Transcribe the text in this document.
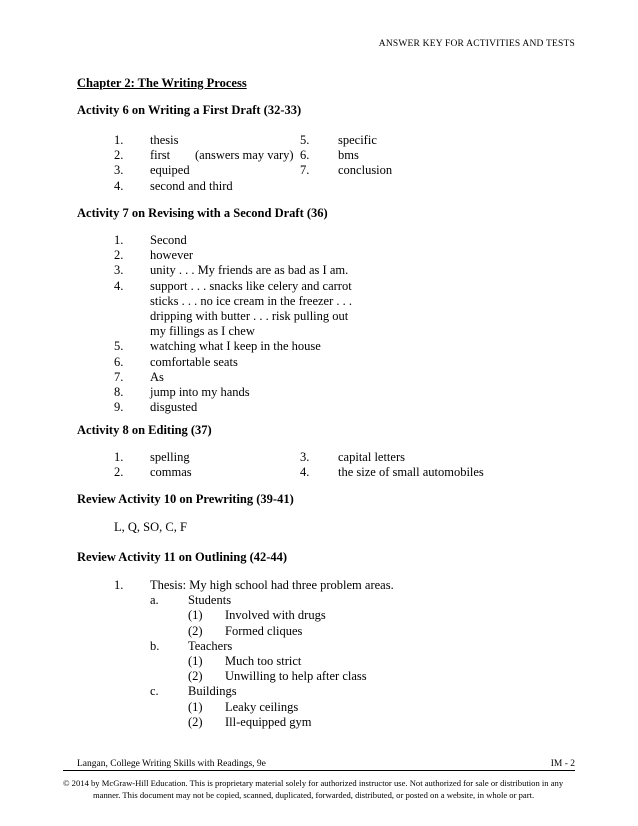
ANSWER KEY FOR ACTIVITIES AND TESTS
Chapter 2: The Writing Process
Activity 6 on Writing a First Draft (32-33)
1. thesis
2. first (answers may vary)
3. equiped
4. second and third
5. specific
6. bms
7. conclusion
Activity 7 on Revising with a Second Draft (36)
1. Second
2. however
3. unity . . . My friends are as bad as I am.
4. support . . . snacks like celery and carrot
sticks . . . no ice cream in the freezer . . .
dripping with butter . . . risk pulling out
my fillings as I chew
5. watching what I keep in the house
6. comfortable seats
7. As
8. jump into my hands
9. disgusted
Activity 8 on Editing (37)
1. spelling
2. commas
3. capital letters
4. the size of small automobiles
Review Activity 10 on Prewriting (39-41)
L, Q, SO, C, F
Review Activity 11 on Outlining (42-44)
1. Thesis: My high school had three problem areas.
a. Students
(1) Involved with drugs
(2) Formed cliques
b. Teachers
(1) Much too strict
(2) Unwilling to help after class
c. Buildings
(1) Leaky ceilings
(2) Ill-equipped gym
Langan, College Writing Skills with Readings, 9e	IM - 2
© 2014 by McGraw-Hill Education. This is proprietary material solely for authorized instructor use. Not authorized for sale or distribution in any
manner. This document may not be copied, scanned, duplicated, forwarded, distributed, or posted on a website, in whole or part.
